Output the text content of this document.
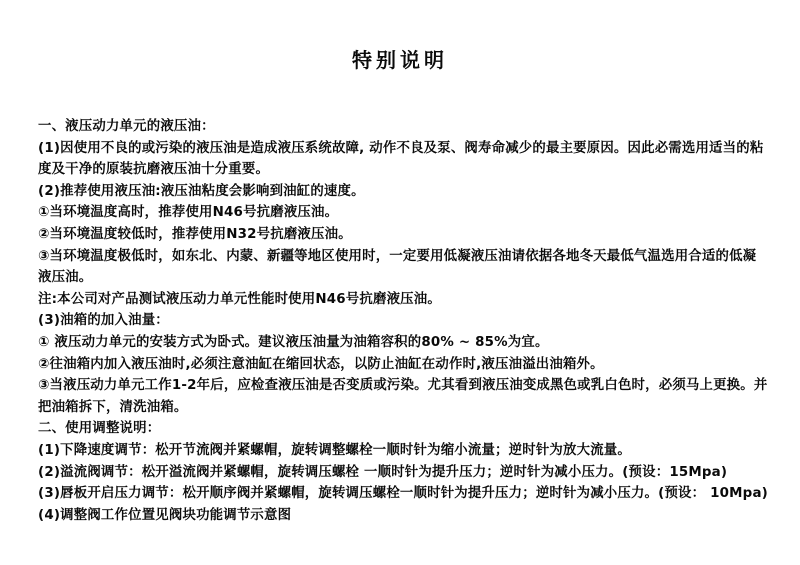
特别说明

一、液压动力单元的液压油：

(1)因使用不良的或污染的液压油是造成液压系统故障, 动作不良及泵、阀寿命减少的最主要原因。因此必需选用适当的粘度及干净的原装抗磨液压油十分重要。

(2)推荐使用液压油:液压油粘度会影响到油缸的速度。

①当环境温度高时，推荐使用N46号抗磨液压油。

②当环境温度较低时，推荐使用N32号抗磨液压油。

③当环境温度极低时，如东北、内蒙、新疆等地区使用时，一定要用低凝液压油请依据各地冬天最低气温选用合适的低凝液压油。

注:本公司对产品测试液压动力单元性能时使用N46号抗磨液压油。

(3)油箱的加入油量：

① 液压动力单元的安装方式为卧式。建议液压油量为油箱容积的80% ~ 85%为宜。

②往油箱内加入液压油时,必须注意油缸在缩回状态，以防止油缸在动作时,液压油溢出油箱外。

③当液压动力单元工作1-2年后，应检查液压油是否变质或污染。尤其看到液压油变成黑色或乳白色时，必须马上更换。并把油箱拆下，清洗油箱。

二、使用调整说明：

(1)下降速度调节：松开节流阀并紧螺帽，旋转调整螺栓一顺时针为缩小流量；逆时针为放大流量。

(2)溢流阀调节：松开溢流阀并紧螺帽，旋转调压螺栓 一顺时针为提升压力；逆时针为减小压力。(预设：15Mpa)

(3)唇板开启压力调节：松开顺序阀并紧螺帽，旋转调压螺栓一顺时针为提升压力；逆时针为减小压力。(预设： 10Mpa)

(4)调整阀工作位置见阀块功能调节示意图
